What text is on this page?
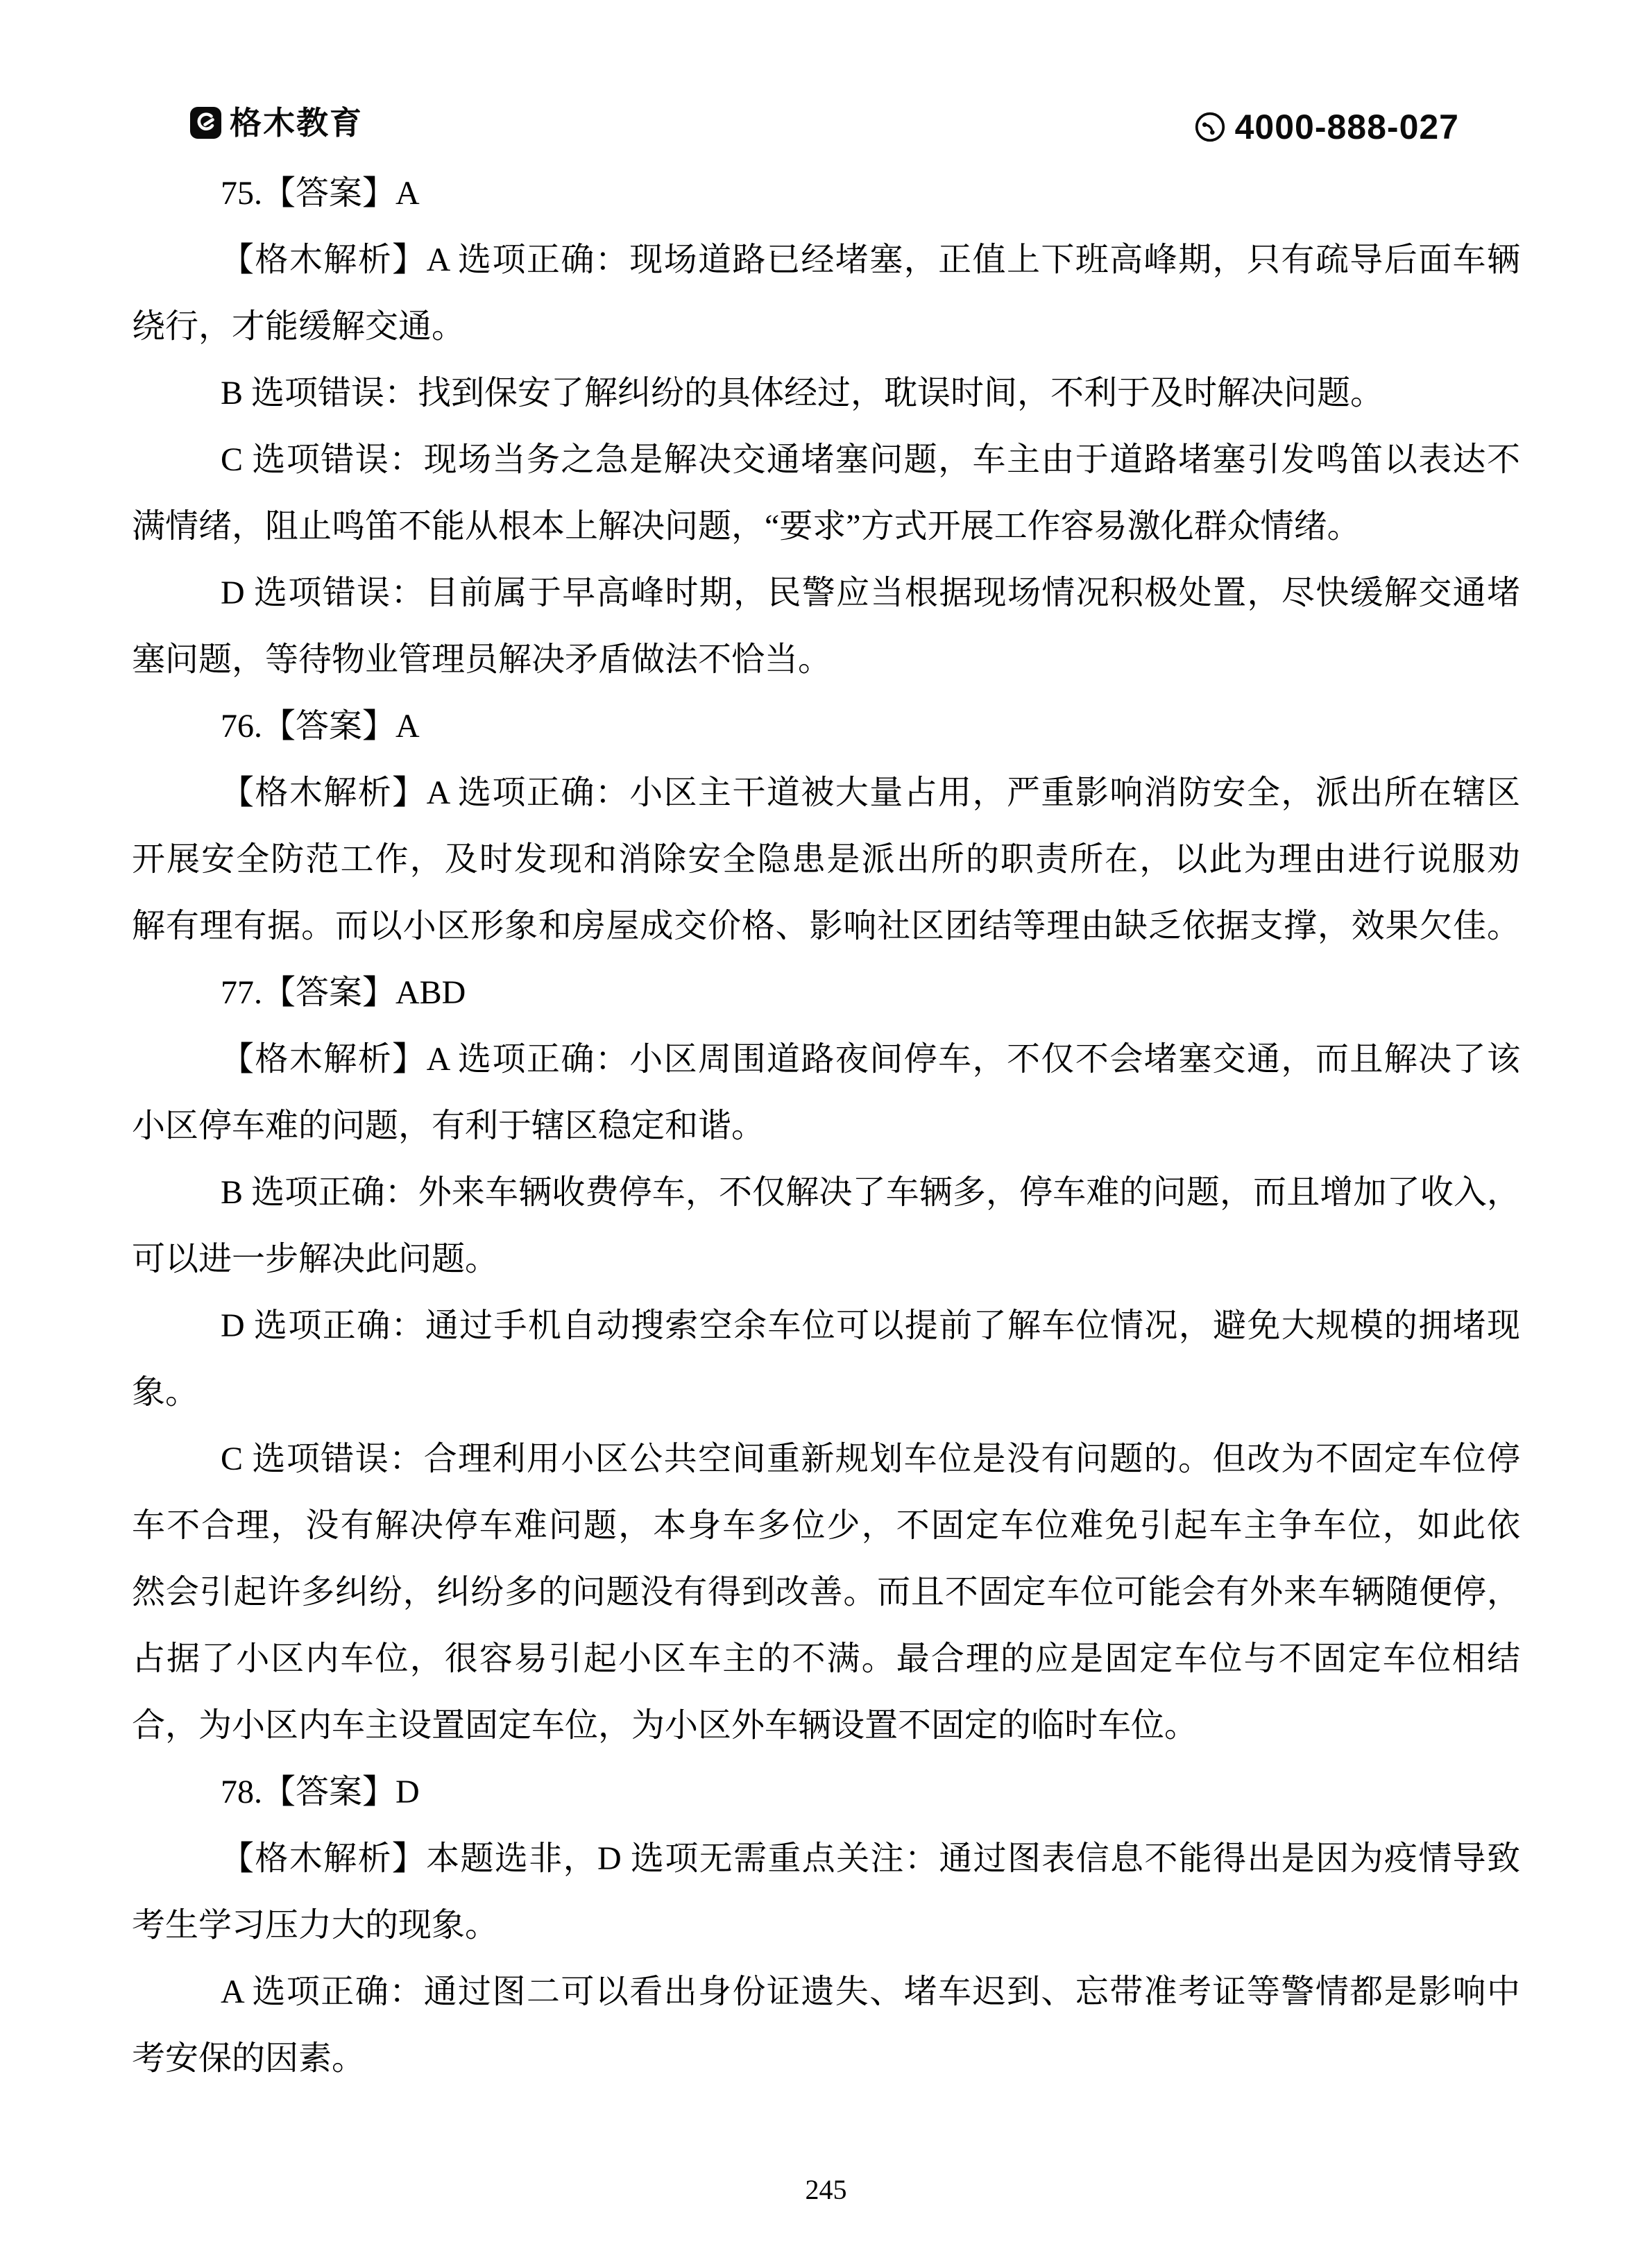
格木教育	4000-888-027
75.【答案】A
【格木解析】A 选项正确：现场道路已经堵塞，正值上下班高峰期，只有疏导后面车辆
绕行，才能缓解交通。
B 选项错误：找到保安了解纠纷的具体经过，耽误时间，不利于及时解决问题。
C 选项错误：现场当务之急是解决交通堵塞问题，车主由于道路堵塞引发鸣笛以表达不
满情绪，阻止鸣笛不能从根本上解决问题，“要求”方式开展工作容易激化群众情绪。
D 选项错误：目前属于早高峰时期，民警应当根据现场情况积极处置，尽快缓解交通堵
塞问题，等待物业管理员解决矛盾做法不恰当。
76.【答案】A
【格木解析】A 选项正确：小区主干道被大量占用，严重影响消防安全，派出所在辖区
开展安全防范工作，及时发现和消除安全隐患是派出所的职责所在，以此为理由进行说服劝
解有理有据。而以小区形象和房屋成交价格、影响社区团结等理由缺乏依据支撑，效果欠佳。
77.【答案】ABD
【格木解析】A 选项正确：小区周围道路夜间停车，不仅不会堵塞交通，而且解决了该
小区停车难的问题，有利于辖区稳定和谐。
B 选项正确：外来车辆收费停车，不仅解决了车辆多，停车难的问题，而且增加了收入，
可以进一步解决此问题。
D 选项正确：通过手机自动搜索空余车位可以提前了解车位情况，避免大规模的拥堵现
象。
C 选项错误：合理利用小区公共空间重新规划车位是没有问题的。但改为不固定车位停
车不合理，没有解决停车难问题，本身车多位少，不固定车位难免引起车主争车位，如此依
然会引起许多纠纷，纠纷多的问题没有得到改善。而且不固定车位可能会有外来车辆随便停，
占据了小区内车位，很容易引起小区车主的不满。最合理的应是固定车位与不固定车位相结
合，为小区内车主设置固定车位，为小区外车辆设置不固定的临时车位。
78.【答案】D
【格木解析】本题选非，D 选项无需重点关注：通过图表信息不能得出是因为疫情导致
考生学习压力大的现象。
A 选项正确：通过图二可以看出身份证遗失、堵车迟到、忘带准考证等警情都是影响中
考安保的因素。
245
